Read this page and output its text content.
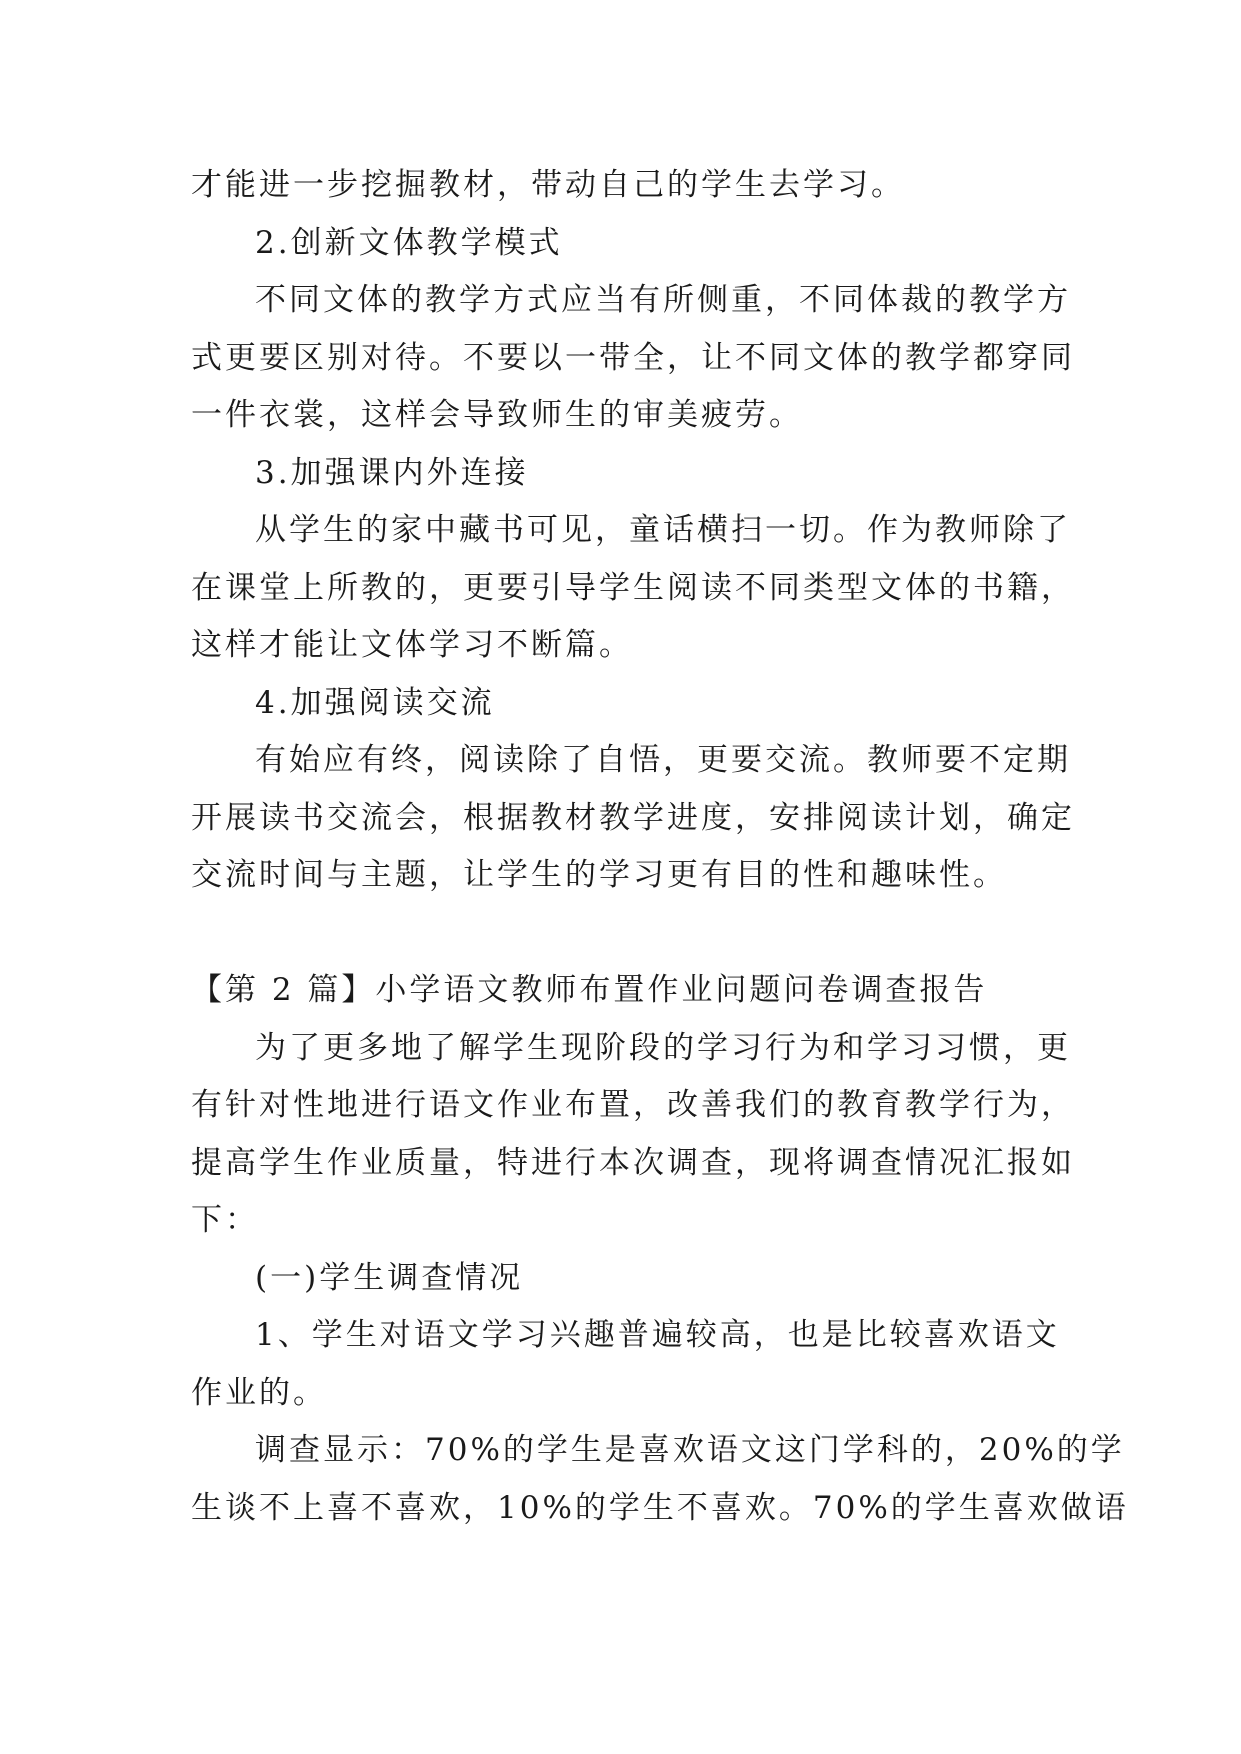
才能进一步挖掘教材，带动自己的学生去学习。
2.创新文体教学模式
不同文体的教学方式应当有所侧重，不同体裁的教学方
式更要区别对待。不要以一带全，让不同文体的教学都穿同
一件衣裳，这样会导致师生的审美疲劳。
3.加强课内外连接
从学生的家中藏书可见，童话横扫一切。作为教师除了
在课堂上所教的，更要引导学生阅读不同类型文体的书籍，
这样才能让文体学习不断篇。
4.加强阅读交流
有始应有终，阅读除了自悟，更要交流。教师要不定期
开展读书交流会，根据教材教学进度，安排阅读计划，确定
交流时间与主题，让学生的学习更有目的性和趣味性。
【第 2 篇】小学语文教师布置作业问题问卷调查报告
为了更多地了解学生现阶段的学习行为和学习习惯，更
有针对性地进行语文作业布置，改善我们的教育教学行为，
提高学生作业质量，特进行本次调查，现将调查情况汇报如
下：
(一)学生调查情况
1、学生对语文学习兴趣普遍较高，也是比较喜欢语文
作业的。
调查显示：70%的学生是喜欢语文这门学科的，20%的学
生谈不上喜不喜欢，10%的学生不喜欢。70%的学生喜欢做语
